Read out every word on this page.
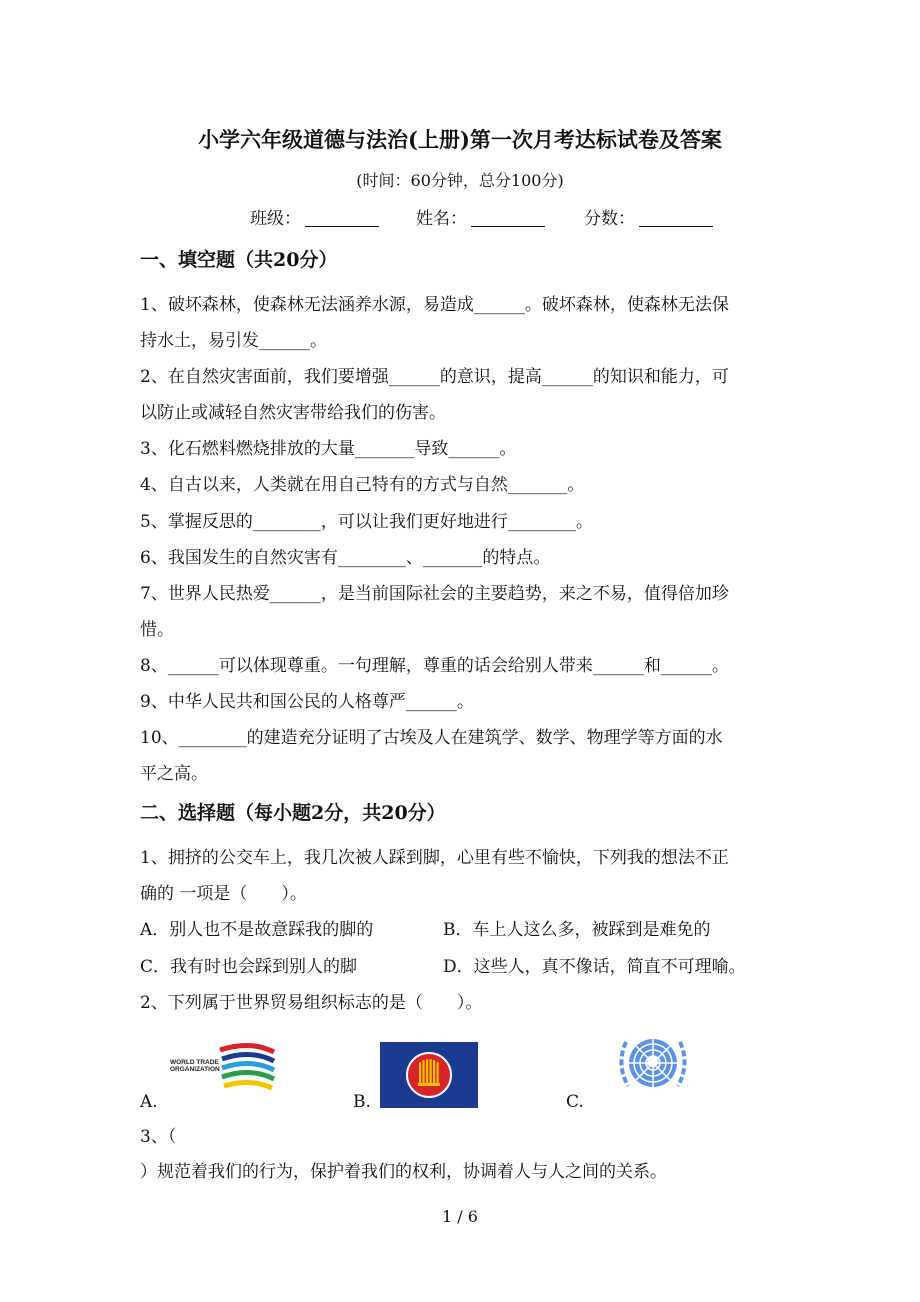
小学六年级道德与法治(上册)第一次月考达标试卷及答案
(时间：60分钟，总分100分)
班级：	姓名：	分数：
一、填空题（共20分）
1、破坏森林，使森林无法涵养水源，易造成______。破坏森林，使森林无法保
持水土，易引发______。
2、在自然灾害面前，我们要增强______的意识，提高______的知识和能力，可
以防止或减轻自然灾害带给我们的伤害。
3、化石燃料燃烧排放的大量_______导致______。
4、自古以来，人类就在用自己特有的方式与自然_______。
5、掌握反思的________，可以让我们更好地进行________。
6、我国发生的自然灾害有________、_______的特点。
7、世界人民热爱______，是当前国际社会的主要趋势，来之不易，值得倍加珍
惜。
8、______可以体现尊重。一句理解，尊重的话会给别人带来______和______。
9、中华人民共和国公民的人格尊严______。
10、________的建造充分证明了古埃及人在建筑学、数学、物理学等方面的水
平之高。
二、选择题（每小题2分，共20分）
1、拥挤的公交车上，我几次被人踩到脚，心里有些不愉快，下列我的想法不正
确的 一项是（　　）。
A．别人也不是故意踩我的脚的	B．车上人这么多，被踩到是难免的
C．我有时也会踩到别人的脚	D．这些人，真不像话，简直不可理喻。
2、下列属于世界贸易组织标志的是（　　）。
A.
WORLD TRADE
ORGANIZATION
B.	C.
3、（
）规范着我们的行为，保护着我们的权利，协调着人与人之间的关系。
1 / 6
